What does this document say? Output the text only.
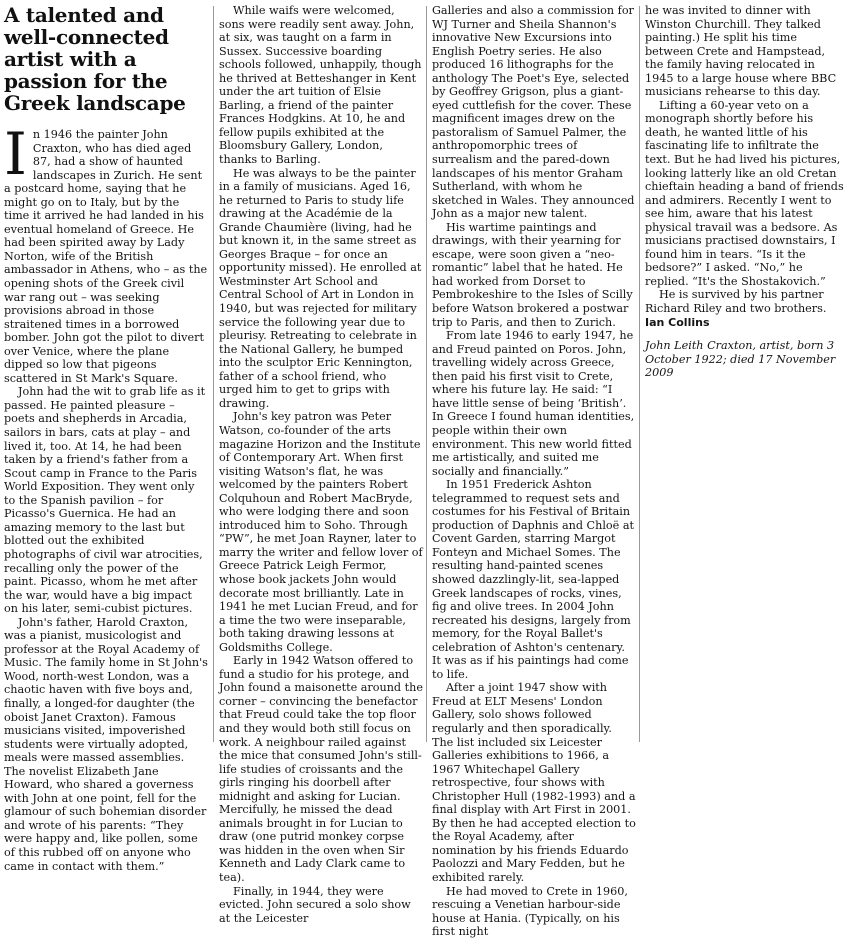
A talented and well-connected artist with a passion for the Greek landscape

In 1946 the painter John Craxton, who has died aged 87, had a show of haunted landscapes in Zurich. He sent a postcard home, saying that he might go on to Italy, but by the time it arrived he had landed in his eventual homeland of Greece. He had been spirited away by Lady Norton, wife of the British ambassador in Athens, who – as the opening shots of the Greek civil war rang out – was seeking provisions abroad in those straitened times in a borrowed bomber. John got the pilot to divert over Venice, where the plane dipped so low that pigeons scattered in St Mark's Square.

John had the wit to grab life as it passed. He painted pleasure – poets and shepherds in Arcadia, sailors in bars, cats at play – and lived it, too. At 14, he had been taken by a friend's father from a Scout camp in France to the Paris World Exposition. They went only to the Spanish pavilion – for Picasso's Guernica. He had an amazing memory to the last but blotted out the exhibited photographs of civil war atrocities, recalling only the power of the paint. Picasso, whom he met after the war, would have a big impact on his later, semi-cubist pictures.

John's father, Harold Craxton, was a pianist, musicologist and professor at the Royal Academy of Music. The family home in St John's Wood, north-west London, was a chaotic haven with five boys and, finally, a longed-for daughter (the oboist Janet Craxton). Famous musicians visited, impoverished students were virtually adopted, meals were massed assemblies. The novelist Elizabeth Jane Howard, who shared a governess with John at one point, fell for the glamour of such bohemian disorder and wrote of his parents: “They were happy and, like pollen, some of this rubbed off on anyone who came in contact with them.”

While waifs were welcomed, sons were readily sent away. John, at six, was taught on a farm in Sussex. Successive boarding schools followed, unhappily, though he thrived at Betteshanger in Kent under the art tuition of Elsie Barling, a friend of the painter Frances Hodgkins. At 10, he and fellow pupils exhibited at the Bloomsbury Gallery, London, thanks to Barling.

He was always to be the painter in a family of musicians. Aged 16, he returned to Paris to study life drawing at the Académie de la Grande Chaumière (living, had he but known it, in the same street as Georges Braque – for once an opportunity missed). He enrolled at Westminster Art School and Central School of Art in London in 1940, but was rejected for military service the following year due to pleurisy. Retreating to celebrate in the National Gallery, he bumped into the sculptor Eric Kennington, father of a school friend, who urged him to get to grips with drawing.

John's key patron was Peter Watson, co-founder of the arts magazine Horizon and the Institute of Contemporary Art. When first visiting Watson's flat, he was welcomed by the painters Robert Colquhoun and Robert MacBryde, who were lodging there and soon introduced him to Soho. Through “PW”, he met Joan Rayner, later to marry the writer and fellow lover of Greece Patrick Leigh Fermor, whose book jackets John would decorate most brilliantly. Late in 1941 he met Lucian Freud, and for a time the two were inseparable, both taking drawing lessons at Goldsmiths College.

Early in 1942 Watson offered to fund a studio for his protege, and John found a maisonette around the corner – convincing the benefactor that Freud could take the top floor and they would both still focus on work. A neighbour railed against the mice that consumed John's still-life studies of croissants and the girls ringing his doorbell after midnight and asking for Lucian. Mercifully, he missed the dead animals brought in for Lucian to draw (one putrid monkey corpse was hidden in the oven when Sir Kenneth and Lady Clark came to tea).

Finally, in 1944, they were evicted. John secured a solo show at the Leicester

Galleries and also a commission for WJ Turner and Sheila Shannon's innovative New Excursions into English Poetry series. He also produced 16 lithographs for the anthology The Poet's Eye, selected by Geoffrey Grigson, plus a giant-eyed cuttlefish for the cover. These magnificent images drew on the pastoralism of Samuel Palmer, the anthropomorphic trees of surrealism and the pared-down landscapes of his mentor Graham Sutherland, with whom he sketched in Wales. They announced John as a major new talent.

His wartime paintings and drawings, with their yearning for escape, were soon given a “neo-romantic” label that he hated. He had worked from Dorset to Pembrokeshire to the Isles of Scilly before Watson brokered a postwar trip to Paris, and then to Zurich.

From late 1946 to early 1947, he and Freud painted on Poros. John, travelling widely across Greece, then paid his first visit to Crete, where his future lay. He said: “I have little sense of being ‘British’. In Greece I found human identities, people within their own environment. This new world fitted me artistically, and suited me socially and financially.”

In 1951 Frederick Ashton telegrammed to request sets and costumes for his Festival of Britain production of Daphnis and Chloë at Covent Garden, starring Margot Fonteyn and Michael Somes. The resulting hand-painted scenes showed dazzlingly-lit, sea-lapped Greek landscapes of rocks, vines, fig and olive trees. In 2004 John recreated his designs, largely from memory, for the Royal Ballet's celebration of Ashton's centenary. It was as if his paintings had come to life.

After a joint 1947 show with Freud at ELT Mesens' London Gallery, solo shows followed regularly and then sporadically. The list included six Leicester Galleries exhibitions to 1966, a 1967 Whitechapel Gallery retrospective, four shows with Christopher Hull (1982-1993) and a final display with Art First in 2001. By then he had accepted election to the Royal Academy, after nomination by his friends Eduardo Paolozzi and Mary Fedden, but he exhibited rarely.

He had moved to Crete in 1960, rescuing a Venetian harbour-side house at Hania. (Typically, on his first night

he was invited to dinner with Winston Churchill. They talked painting.) He split his time between Crete and Hampstead, the family having relocated in 1945 to a large house where BBC musicians rehearse to this day.

Lifting a 60-year veto on a monograph shortly before his death, he wanted little of his fascinating life to infiltrate the text. But he had lived his pictures, looking latterly like an old Cretan chieftain heading a band of friends and admirers. Recently I went to see him, aware that his latest physical travail was a bedsore. As musicians practised downstairs, I found him in tears. “Is it the bedsore?” I asked. “No,” he replied. “It's the Shostakovich.”

He is survived by his partner Richard Riley and two brothers.

Ian Collins

John Leith Craxton, artist, born 3 October 1922; died 17 November 2009
